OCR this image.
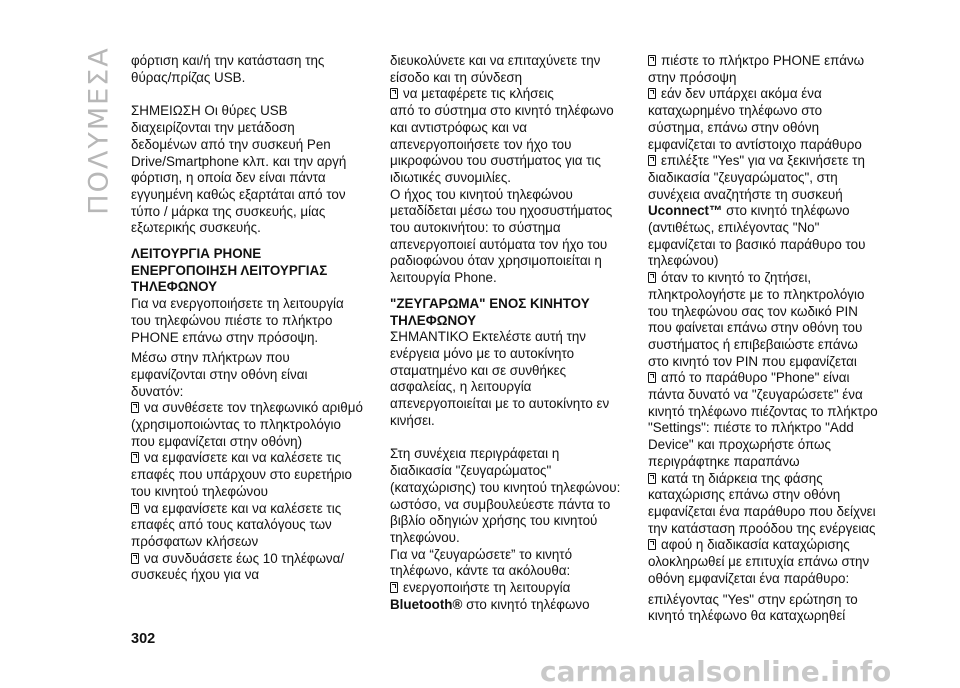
ΠΟΛΥΜΕΣΑ φόρτιση και/ή την κατάσταση της θύρας/πρίζας USB.

ΣΗΜΕΙΩΣΗ Οι θύρες USB διαχειρίζονται την μετάδοση δεδομένων από την συσκευή Pen Drive/Smartphone κλπ. και την αργή φόρτιση, η οποία δεν είναι πάντα εγγυημένη καθώς εξαρτάται από τον τύπο / μάρκα της συσκευής, μίας εξωτερικής συσκευής.

ΛΕΙΤΟΥΡΓΙΑ PHONE ΕΝΕΡΓΟΠΟΙΗΣΗ ΛΕΙΤΟΥΡΓΙΑΣ ΤΗΛΕΦΩΝΟΥ

Για να ενεργοποιήσετε τη λειτουργία του τηλεφώνου πιέστε το πλήκτρο PHONE επάνω στην πρόσοψη.

Μέσω στην πλήκτρων που εμφανίζονται στην οθόνη είναι δυνατόν:

να συνθέσετε τον τηλεφωνικό αριθμό (χρησιμοποιώντας το πληκτρολόγιο που εμφανίζεται στην οθόνη)

να εμφανίσετε και να καλέσετε τις επαφές που υπάρχουν στο ευρετήριο του κινητού τηλεφώνου

να εμφανίσετε και να καλέσετε τις επαφές από τους καταλόγους των πρόσφατων κλήσεων

να συνδυάσετε έως 10 τηλέφωνα/συσκευές ήχου για να

διευκολύνετε και να επιταχύνετε την είσοδο και τη σύνδεση

να μεταφέρετε τις κλήσεις

από το σύστημα στο κινητό τηλέφωνο και αντιστρόφως και να απενεργοποιήσετε τον ήχο του μικροφώνου του συστήματος για τις ιδιωτικές συνομιλίες.

Ο ήχος του κινητού τηλεφώνου μεταδίδεται μέσω του ηχοσυστήματος του αυτοκινήτου: το σύστημα απενεργοποιεί αυτόματα τον ήχο του ραδιοφώνου όταν χρησιμοποιείται η λειτουργία Phone.

"ΖΕΥΓΑΡΩΜΑ" ΕΝΟΣ ΚΙΝΗΤΟΥ ΤΗΛΕΦΩΝΟΥ

ΣΗΜΑΝΤΙΚΟ Εκτελέστε αυτή την ενέργεια μόνο με το αυτοκίνητο σταματημένο και σε συνθήκες ασφαλείας, η λειτουργία απενεργοποιείται με το αυτοκίνητο εν κινήσει.

Στη συνέχεια περιγράφεται η διαδικασία "ζευγαρώματος" (καταχώρισης) του κινητού τηλεφώνου: ωστόσο, να συμβουλεύεστε πάντα το βιβλίο οδηγιών χρήσης του κινητού τηλεφώνου.

Για να “ζευγαρώσετε” το κινητό τηλέφωνο, κάντε τα ακόλουθα:

ενεργοποιήστε τη λειτουργία Bluetooth® στο κινητό τηλέφωνο

πιέστε το πλήκτρο PHONE επάνω στην πρόσοψη

εάν δεν υπάρχει ακόμα ένα καταχωρημένο τηλέφωνο στο σύστημα, επάνω στην οθόνη εμφανίζεται το αντίστοιχο παράθυρο

επιλέξτε "Yes" για να ξεκινήσετε τη διαδικασία "ζευγαρώματος", στη συνέχεια αναζητήστε τη συσκευή Uconnect™ στο κινητό τηλέφωνο (αντιθέτως, επιλέγοντας "No" εμφανίζεται το βασικό παράθυρο του τηλεφώνου)

όταν το κινητό το ζητήσει, πληκτρολογήστε με το πληκτρολόγιο του τηλεφώνου σας τον κωδικό PIN που φαίνεται επάνω στην οθόνη του συστήματος ή επιβεβαιώστε επάνω στο κινητό τον PIN που εμφανίζεται

από το παράθυρο "Phone" είναι πάντα δυνατό να "ζευγαρώσετε" ένα κινητό τηλέφωνο πιέζοντας το πλήκτρο "Settings": πιέστε το πλήκτρο "Add Device" και προχωρήστε όπως περιγράφτηκε παραπάνω

κατά τη διάρκεια της φάσης καταχώρισης επάνω στην οθόνη εμφανίζεται ένα παράθυρο που δείχνει την κατάσταση προόδου της ενέργειας

αφού η διαδικασία καταχώρισης ολοκληρωθεί με επιτυχία επάνω στην οθόνη εμφανίζεται ένα παράθυρο:

επιλέγοντας "Yes" στην ερώτηση το κινητό τηλέφωνο θα καταχωρηθεί

302
carmanualsonline.info
